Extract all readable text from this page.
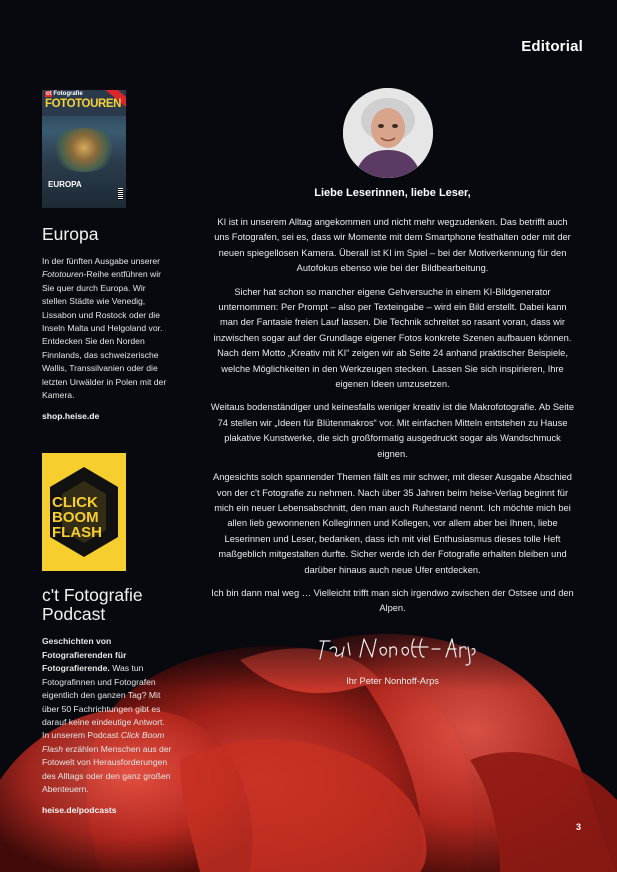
Editorial
ct Fotografie
FOTOTOUREN
EUROPA
Europa
In der fünften Ausgabe unserer Fototouren-Reihe entführen wir Sie quer durch Europa. Wir stellen Städte wie Venedig, Lissabon und Rostock oder die Inseln Malta und Helgoland vor. Entdecken Sie den Norden Finnlands, das schweizerische Wallis, Transsilvanien oder die letzten Urwälder in Polen mit der Kamera.
shop.heise.de
CLICK
BOOM
FLASH
c't Fotografie
Podcast
Geschichten von Fotografierenden für Fotografierende. Was tun Fotografinnen und Fotografen eigentlich den ganzen Tag? Mit über 50 Fachrichtungen gibt es darauf keine eindeutige Antwort. In unserem Podcast Click Boom Flash erzählen Menschen aus der Fotowelt von Herausforderungen des Alltags oder den ganz großen Abenteuern.
heise.de/podcasts

Liebe Leserinnen, liebe Leser,

KI ist in unserem Alltag angekommen und nicht mehr wegzudenken. Das betrifft auch uns Fotografen, sei es, dass wir Momente mit dem Smartphone festhalten oder mit der neuen spiegellosen Kamera. Überall ist KI im Spiel – bei der Motiverkennung für den Autofokus ebenso wie bei der Bildbearbeitung.

Sicher hat schon so mancher eigene Gehversuche in einem KI-Bildgenerator unternommen: Per Prompt – also per Texteingabe – wird ein Bild erstellt. Dabei kann man der Fantasie freien Lauf lassen. Die Technik schreitet so rasant voran, dass wir inzwischen sogar auf der Grundlage eigener Fotos konkrete Szenen aufbauen können. Nach dem Motto „Kreativ mit KI“ zeigen wir ab Seite 24 anhand praktischer Beispiele, welche Möglichkeiten in den Werkzeugen stecken. Lassen Sie sich inspirieren, Ihre eigenen Ideen umzusetzen.

Weitaus bodenständiger und keinesfalls weniger kreativ ist die Makrofotografie. Ab Seite 74 stellen wir „Ideen für Blütenmakros“ vor. Mit einfachen Mitteln entstehen zu Hause plakative Kunstwerke, die sich großformatig ausgedruckt sogar als Wandschmuck eignen.

Angesichts solch spannender Themen fällt es mir schwer, mit dieser Ausgabe Abschied von der c't Fotografie zu nehmen. Nach über 35 Jahren beim heise-Verlag beginnt für mich ein neuer Lebensabschnitt, den man auch Ruhestand nennt. Ich möchte mich bei allen lieb gewonnenen Kolleginnen und Kollegen, vor allem aber bei Ihnen, liebe Leserinnen und Leser, bedanken, dass ich mit viel Enthusiasmus dieses tolle Heft maßgeblich mitgestalten durfte. Sicher werde ich der Fotografie erhalten bleiben und darüber hinaus auch neue Ufer entdecken.

Ich bin dann mal weg … Vielleicht trifft man sich irgendwo zwischen der Ostsee und den Alpen.

Ihr Peter Nonhoff-Arps
3
